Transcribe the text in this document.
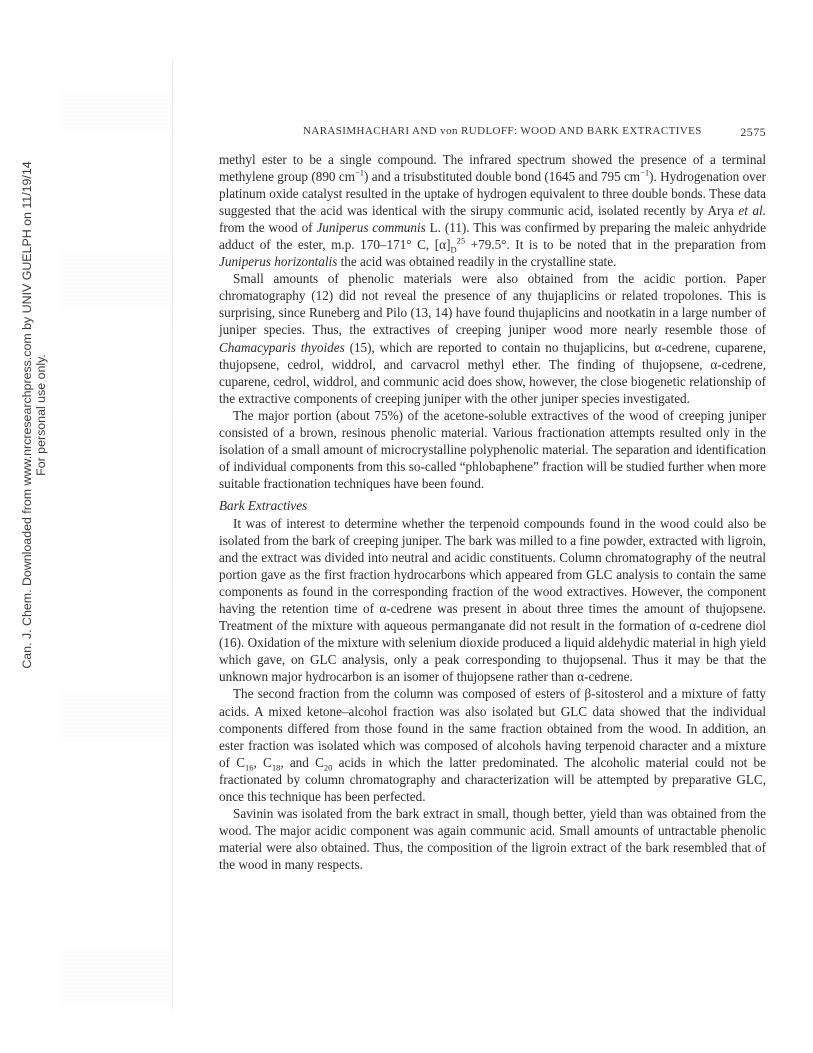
Can. J. Chem. Downloaded from www.nrcresearchpress.com by UNIV GUELPH on 11/19/14 For personal use only.
NARASIMHACHARI AND von RUDLOFF: WOOD AND BARK EXTRACTIVES	2575

methyl ester to be a single compound. The infrared spectrum showed the presence of a terminal methylene group (890 $cm^{-1}$) and a trisubstituted double bond (1645 and 795 $cm^{-1}$). Hydrogenation over platinum oxide catalyst resulted in the uptake of hydrogen equivalent to three double bonds. These data suggested that the acid was identical with the sirupy communic acid, isolated recently by Arya et al. from the wood of Juniperus communis L. (11). This was confirmed by preparing the maleic anhydride adduct of the ester, m.p. 170–171° C, $[\alpha]_D^{25} +79.5^\circ$. It is to be noted that in the preparation from Juniperus horizontalis the acid was obtained readily in the crystalline state.

Small amounts of phenolic materials were also obtained from the acidic portion. Paper chromatography (12) did not reveal the presence of any thujaplicins or related tropolones. This is surprising, since Runeberg and Pilo (13, 14) have found thujaplicins and nootkatin in a large number of juniper species. Thus, the extractives of creeping juniper wood more nearly resemble those of Chamacyparis thyoides (15), which are reported to contain no thujaplicins, but α-cedrene, cuparene, thujopsene, cedrol, widdrol, and carvacrol methyl ether. The finding of thujopsene, α-cedrene, cuparene, cedrol, widdrol, and communic acid does show, however, the close biogenetic relationship of the extractive components of creeping juniper with the other juniper species investigated.

The major portion (about 75%) of the acetone-soluble extractives of the wood of creeping juniper consisted of a brown, resinous phenolic material. Various fractionation attempts resulted only in the isolation of a small amount of microcrystalline polyphenolic material. The separation and identification of individual components from this so-called “phlobaphene” fraction will be studied further when more suitable fractionation techniques have been found.

Bark Extractives

It was of interest to determine whether the terpenoid compounds found in the wood could also be isolated from the bark of creeping juniper. The bark was milled to a fine powder, extracted with ligroin, and the extract was divided into neutral and acidic constituents. Column chromatography of the neutral portion gave as the first fraction hydrocarbons which appeared from GLC analysis to contain the same components as found in the corresponding fraction of the wood extractives. However, the component having the retention time of α-cedrene was present in about three times the amount of thujopsene. Treatment of the mixture with aqueous permanganate did not result in the formation of α-cedrene diol (16). Oxidation of the mixture with selenium dioxide produced a liquid aldehydic material in high yield which gave, on GLC analysis, only a peak corresponding to thujopsenal. Thus it may be that the unknown major hydrocarbon is an isomer of thujopsene rather than α-cedrene.

The second fraction from the column was composed of esters of β-sitosterol and a mixture of fatty acids. A mixed ketone–alcohol fraction was also isolated but GLC data showed that the individual components differed from those found in the same fraction obtained from the wood. In addition, an ester fraction was isolated which was composed of alcohols having terpenoid character and a mixture of $C_{16}$, $C_{18}$, and $C_{20}$ acids in which the latter predominated. The alcoholic material could not be fractionated by column chromatography and characterization will be attempted by preparative GLC, once this technique has been perfected.

Savinin was isolated from the bark extract in small, though better, yield than was obtained from the wood. The major acidic component was again communic acid. Small amounts of untractable phenolic material were also obtained. Thus, the composition of the ligroin extract of the bark resembled that of the wood in many respects.
